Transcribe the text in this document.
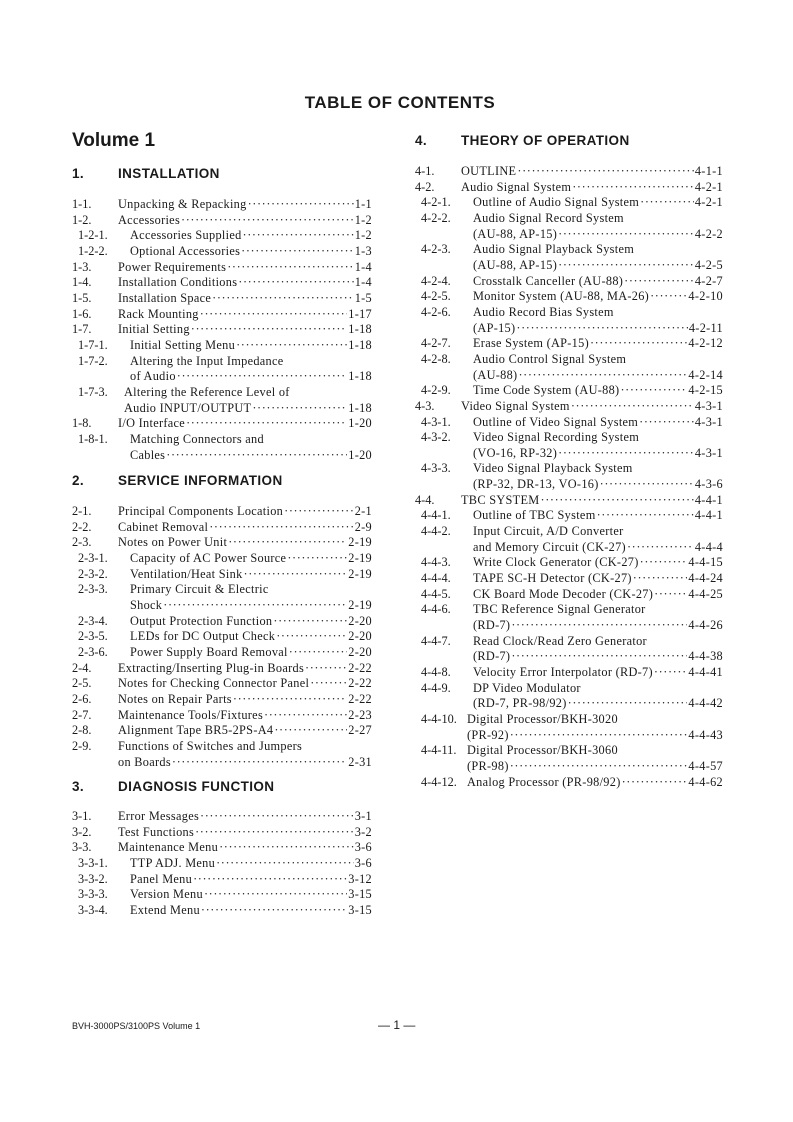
TABLE OF CONTENTS
Volume 1
1.	INSTALLATION
1-1.	Unpacking & Repacking ·····	1-1
1-2.	Accessories ·····	1-2
1-2-1.	Accessories Supplied ·····	1-2
1-2-2.	Optional Accessories ·····	1-3
1-3.	Power Requirements ·····	1-4
1-4.	Installation Conditions ·····	1-4
1-5.	Installation Space ·····	1-5
1-6.	Rack Mounting ·····	1-17
1-7.	Initial Setting ·····	1-18
1-7-1.	Initial Setting Menu ·····	1-18
1-7-2.	Altering the Input Impedance
of Audio ·····	1-18
1-7-3.	Altering the Reference Level of
Audio INPUT/OUTPUT ·····	1-18
1-8.	I/O Interface ·····	1-20
1-8-1.	Matching Connectors and
Cables ·····	1-20
2.	SERVICE INFORMATION
2-1.	Principal Components Location ·····	2-1
2-2.	Cabinet Removal ·····	2-9
2-3.	Notes on Power Unit ·····	2-19
2-3-1.	Capacity of AC Power Source ·····	2-19
2-3-2.	Ventilation/Heat Sink ·····	2-19
2-3-3.	Primary Circuit & Electric
Shock ·····	2-19
2-3-4.	Output Protection Function ·····	2-20
2-3-5.	LEDs for DC Output Check ·····	2-20
2-3-6.	Power Supply Board Removal ·····	2-20
2-4.	Extracting/Inserting Plug-in Boards ·····	2-22
2-5.	Notes for Checking Connector Panel ·····	2-22
2-6.	Notes on Repair Parts ·····	2-22
2-7.	Maintenance Tools/Fixtures ·····	2-23
2-8.	Alignment Tape BR5-2PS-A4 ·····	2-27
2-9.	Functions of Switches and Jumpers
on Boards ·····	2-31
3.	DIAGNOSIS FUNCTION
3-1.	Error Messages ·····	3-1
3-2.	Test Functions ·····	3-2
3-3.	Maintenance Menu ·····	3-6
3-3-1.	TTP ADJ. Menu ·····	3-6
3-3-2.	Panel Menu ·····	3-12
3-3-3.	Version Menu ·····	3-15
3-3-4.	Extend Menu ·····	3-15
4.	THEORY OF OPERATION
4-1.	OUTLINE ·····	4-1-1
4-2.	Audio Signal System ·····	4-2-1
4-2-1.	Outline of Audio Signal System ·····	4-2-1
4-2-2.	Audio Signal Record System
(AU-88, AP-15) ·····	4-2-2
4-2-3.	Audio Signal Playback System
(AU-88, AP-15) ·····	4-2-5
4-2-4.	Crosstalk Canceller (AU-88) ·····	4-2-7
4-2-5.	Monitor System (AU-88, MA-26) ·····	4-2-10
4-2-6.	Audio Record Bias System
(AP-15) ·····	4-2-11
4-2-7.	Erase System (AP-15) ·····	4-2-12
4-2-8.	Audio Control Signal System
(AU-88) ·····	4-2-14
4-2-9.	Time Code System (AU-88) ·····	4-2-15
4-3.	Video Signal System ·····	4-3-1
4-3-1.	Outline of Video Signal System ·····	4-3-1
4-3-2.	Video Signal Recording System
(VO-16, RP-32) ·····	4-3-1
4-3-3.	Video Signal Playback System
(RP-32, DR-13, VO-16) ·····	4-3-6
4-4.	TBC SYSTEM ·····	4-4-1
4-4-1.	Outline of TBC System ·····	4-4-1
4-4-2.	Input Circuit, A/D Converter
and Memory Circuit (CK-27) ·····	4-4-4
4-4-3.	Write Clock Generator (CK-27) ·····	4-4-15
4-4-4.	TAPE SC-H Detector (CK-27) ·····	4-4-24
4-4-5.	CK Board Mode Decoder (CK-27) ·····	4-4-25
4-4-6.	TBC Reference Signal Generator
(RD-7) ·····	4-4-26
4-4-7.	Read Clock/Read Zero Generator
(RD-7) ·····	4-4-38
4-4-8.	Velocity Error Interpolator (RD-7) ·····	4-4-41
4-4-9.	DP Video Modulator
(RD-7, PR-98/92) ·····	4-4-42
4-4-10. Digital Processor/BKH-3020
(PR-92) ·····	4-4-43
4-4-11. Digital Processor/BKH-3060
(PR-98) ·····	4-4-57
4-4-12. Analog Processor (PR-98/92) ·····	4-4-62
BVH-3000PS/3100PS Volume 1	— 1 —
